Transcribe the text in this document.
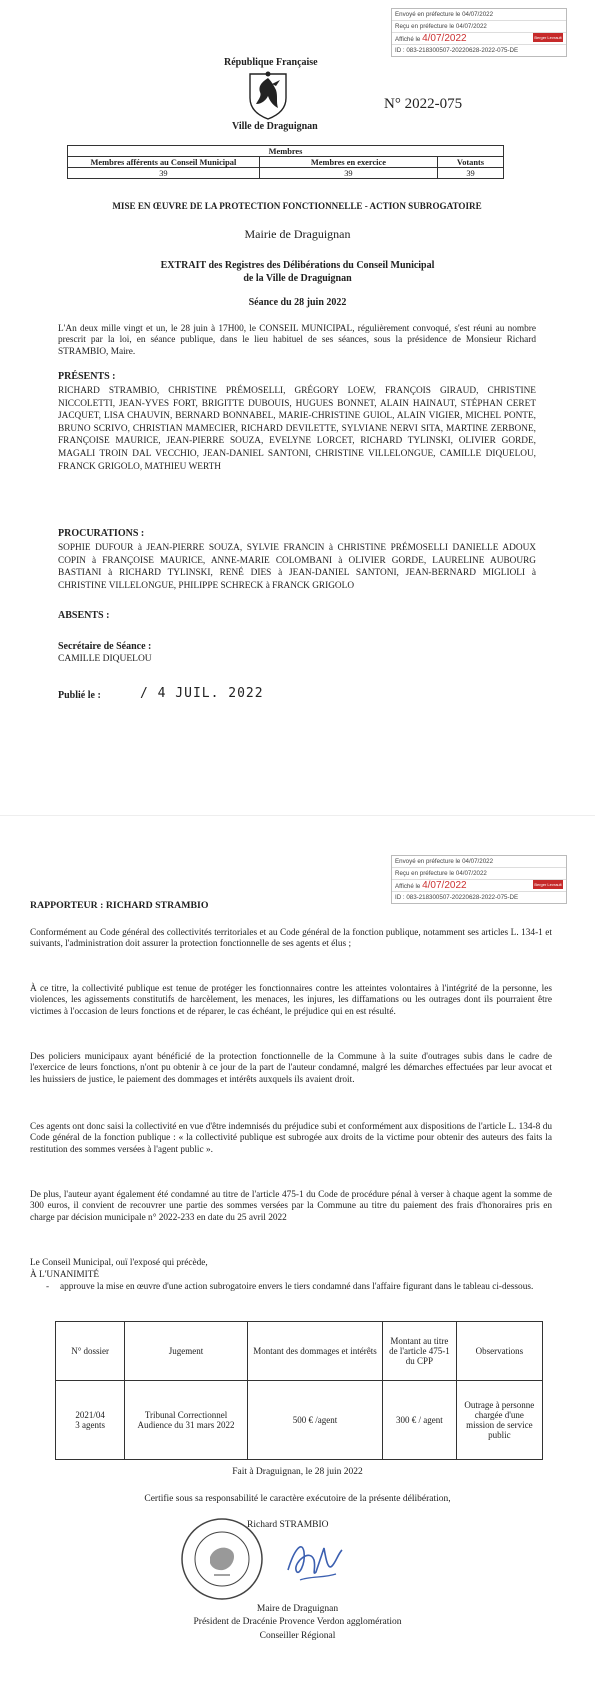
Envoyé en préfecture le 04/07/2022
Reçu en préfecture le 04/07/2022
Affiché le 4/07/2022	Berger Levrault
ID : 083-218300507-20220628-2022-075-DE
République Française
Ville de Draguignan
N° 2022-075
Membres		
Membres afférents au Conseil Municipal	Membres en exercice	Votants
39	39	39
MISE EN ŒUVRE DE LA PROTECTION FONCTIONNELLE - ACTION SUBROGATOIRE
Mairie de Draguignan
EXTRAIT des Registres des Délibérations du Conseil Municipal
de la Ville de Draguignan
Séance du 28 juin 2022
L'An deux mille vingt et un, le 28 juin à 17H00, le CONSEIL MUNICIPAL, régulièrement convoqué, s'est réuni au nombre prescrit par la loi, en séance publique, dans le lieu habituel de ses séances, sous la présidence de Monsieur Richard STRAMBIO, Maire.
PRÉSENTS :
RICHARD STRAMBIO, CHRISTINE PRÉMOSELLI, GRÉGORY LOEW, FRANÇOIS GIRAUD, CHRISTINE NICCOLETTI, JEAN-YVES FORT, BRIGITTE DUBOUIS, HUGUES BONNET, ALAIN HAINAUT, STÉPHAN CERET JACQUET, LISA CHAUVIN, BERNARD BONNABEL, MARIE-CHRISTINE GUIOL, ALAIN VIGIER, MICHEL PONTE, BRUNO SCRIVO, CHRISTIAN MAMECIER, RICHARD DEVILETTE, SYLVIANE NERVI SITA, MARTINE ZERBONE, FRANÇOISE MAURICE, JEAN-PIERRE SOUZA, EVELYNE LORCET, RICHARD TYLINSKI, OLIVIER GORDE, MAGALI TROIN DAL VECCHIO, JEAN-DANIEL SANTONI, CHRISTINE VILLELONGUE, CAMILLE DIQUELOU, FRANCK GRIGOLO, MATHIEU WERTH
PROCURATIONS :
SOPHIE DUFOUR à JEAN-PIERRE SOUZA, SYLVIE FRANCIN à CHRISTINE PRÉMOSELLI DANIELLE ADOUX COPIN à FRANÇOISE MAURICE, ANNE-MARIE COLOMBANI à OLIVIER GORDE, LAURELINE AUBOURG BASTIANI à RICHARD TYLINSKI, RENÉ DIES à JEAN-DANIEL SANTONI, JEAN-BERNARD MIGLIOLI à CHRISTINE VILLELONGUE, PHILIPPE SCHRECK à FRANCK GRIGOLO
ABSENTS :
Secrétaire de Séance :
CAMILLE DIQUELOU
Publié le :	/ 4 JUIL. 2022
Envoyé en préfecture le 04/07/2022
Reçu en préfecture le 04/07/2022
Affiché le 4/07/2022	Berger Levrault
ID : 083-218300507-20220628-2022-075-DE
RAPPORTEUR : RICHARD STRAMBIO
Conformément au Code général des collectivités territoriales et au Code général de la fonction publique, notamment ses articles L. 134-1 et suivants, l'administration doit assurer la protection fonctionnelle de ses agents et élus ;
À ce titre, la collectivité publique est tenue de protéger les fonctionnaires contre les atteintes volontaires à l'intégrité de la personne, les violences, les agissements constitutifs de harcèlement, les menaces, les injures, les diffamations ou les outrages dont ils pourraient être victimes à l'occasion de leurs fonctions et de réparer, le cas échéant, le préjudice qui en est résulté.
Des policiers municipaux ayant bénéficié de la protection fonctionnelle de la Commune à la suite d'outrages subis dans le cadre de l'exercice de leurs fonctions, n'ont pu obtenir à ce jour de la part de l'auteur condamné, malgré les démarches effectuées par leur avocat et les huissiers de justice, le paiement des dommages et intérêts auxquels ils avaient droit.
Ces agents ont donc saisi la collectivité en vue d'être indemnisés du préjudice subi et conformément aux dispositions de l'article L. 134-8 du Code général de la fonction publique : « la collectivité publique est subrogée aux droits de la victime pour obtenir des auteurs des faits la restitution des sommes versées à l'agent public ».
De plus, l'auteur ayant également été condamné au titre de l'article 475-1 du Code de procédure pénal à verser à chaque agent la somme de 300 euros, il convient de recouvrer une partie des sommes versées par la Commune au titre du paiement des frais d'honoraires pris en charge par décision municipale n° 2022-233 en date du 25 avril 2022
Le Conseil Municipal, ouï l'exposé qui précède,
À L'UNANIMITÉ
- approuve la mise en œuvre d'une action subrogatoire envers le tiers condamné dans l'affaire figurant dans le tableau ci-dessous.
N° dossier	Jugement	Montant des dommages et intérêts	Montant au titre de l'article 475-1 du CPP	Observations
2021/04
3 agents	Tribunal Correctionnel Audience du 31 mars 2022	500 € /agent	300 € / agent	Outrage à personne chargée d'une mission de service public
Fait à Draguignan, le 28 juin 2022
Certifie sous sa responsabilité le caractère exécutoire de la présente délibération,
Richard STRAMBIO
Maire de Draguignan
Président de Dracénie Provence Verdon agglomération
Conseiller Régional
